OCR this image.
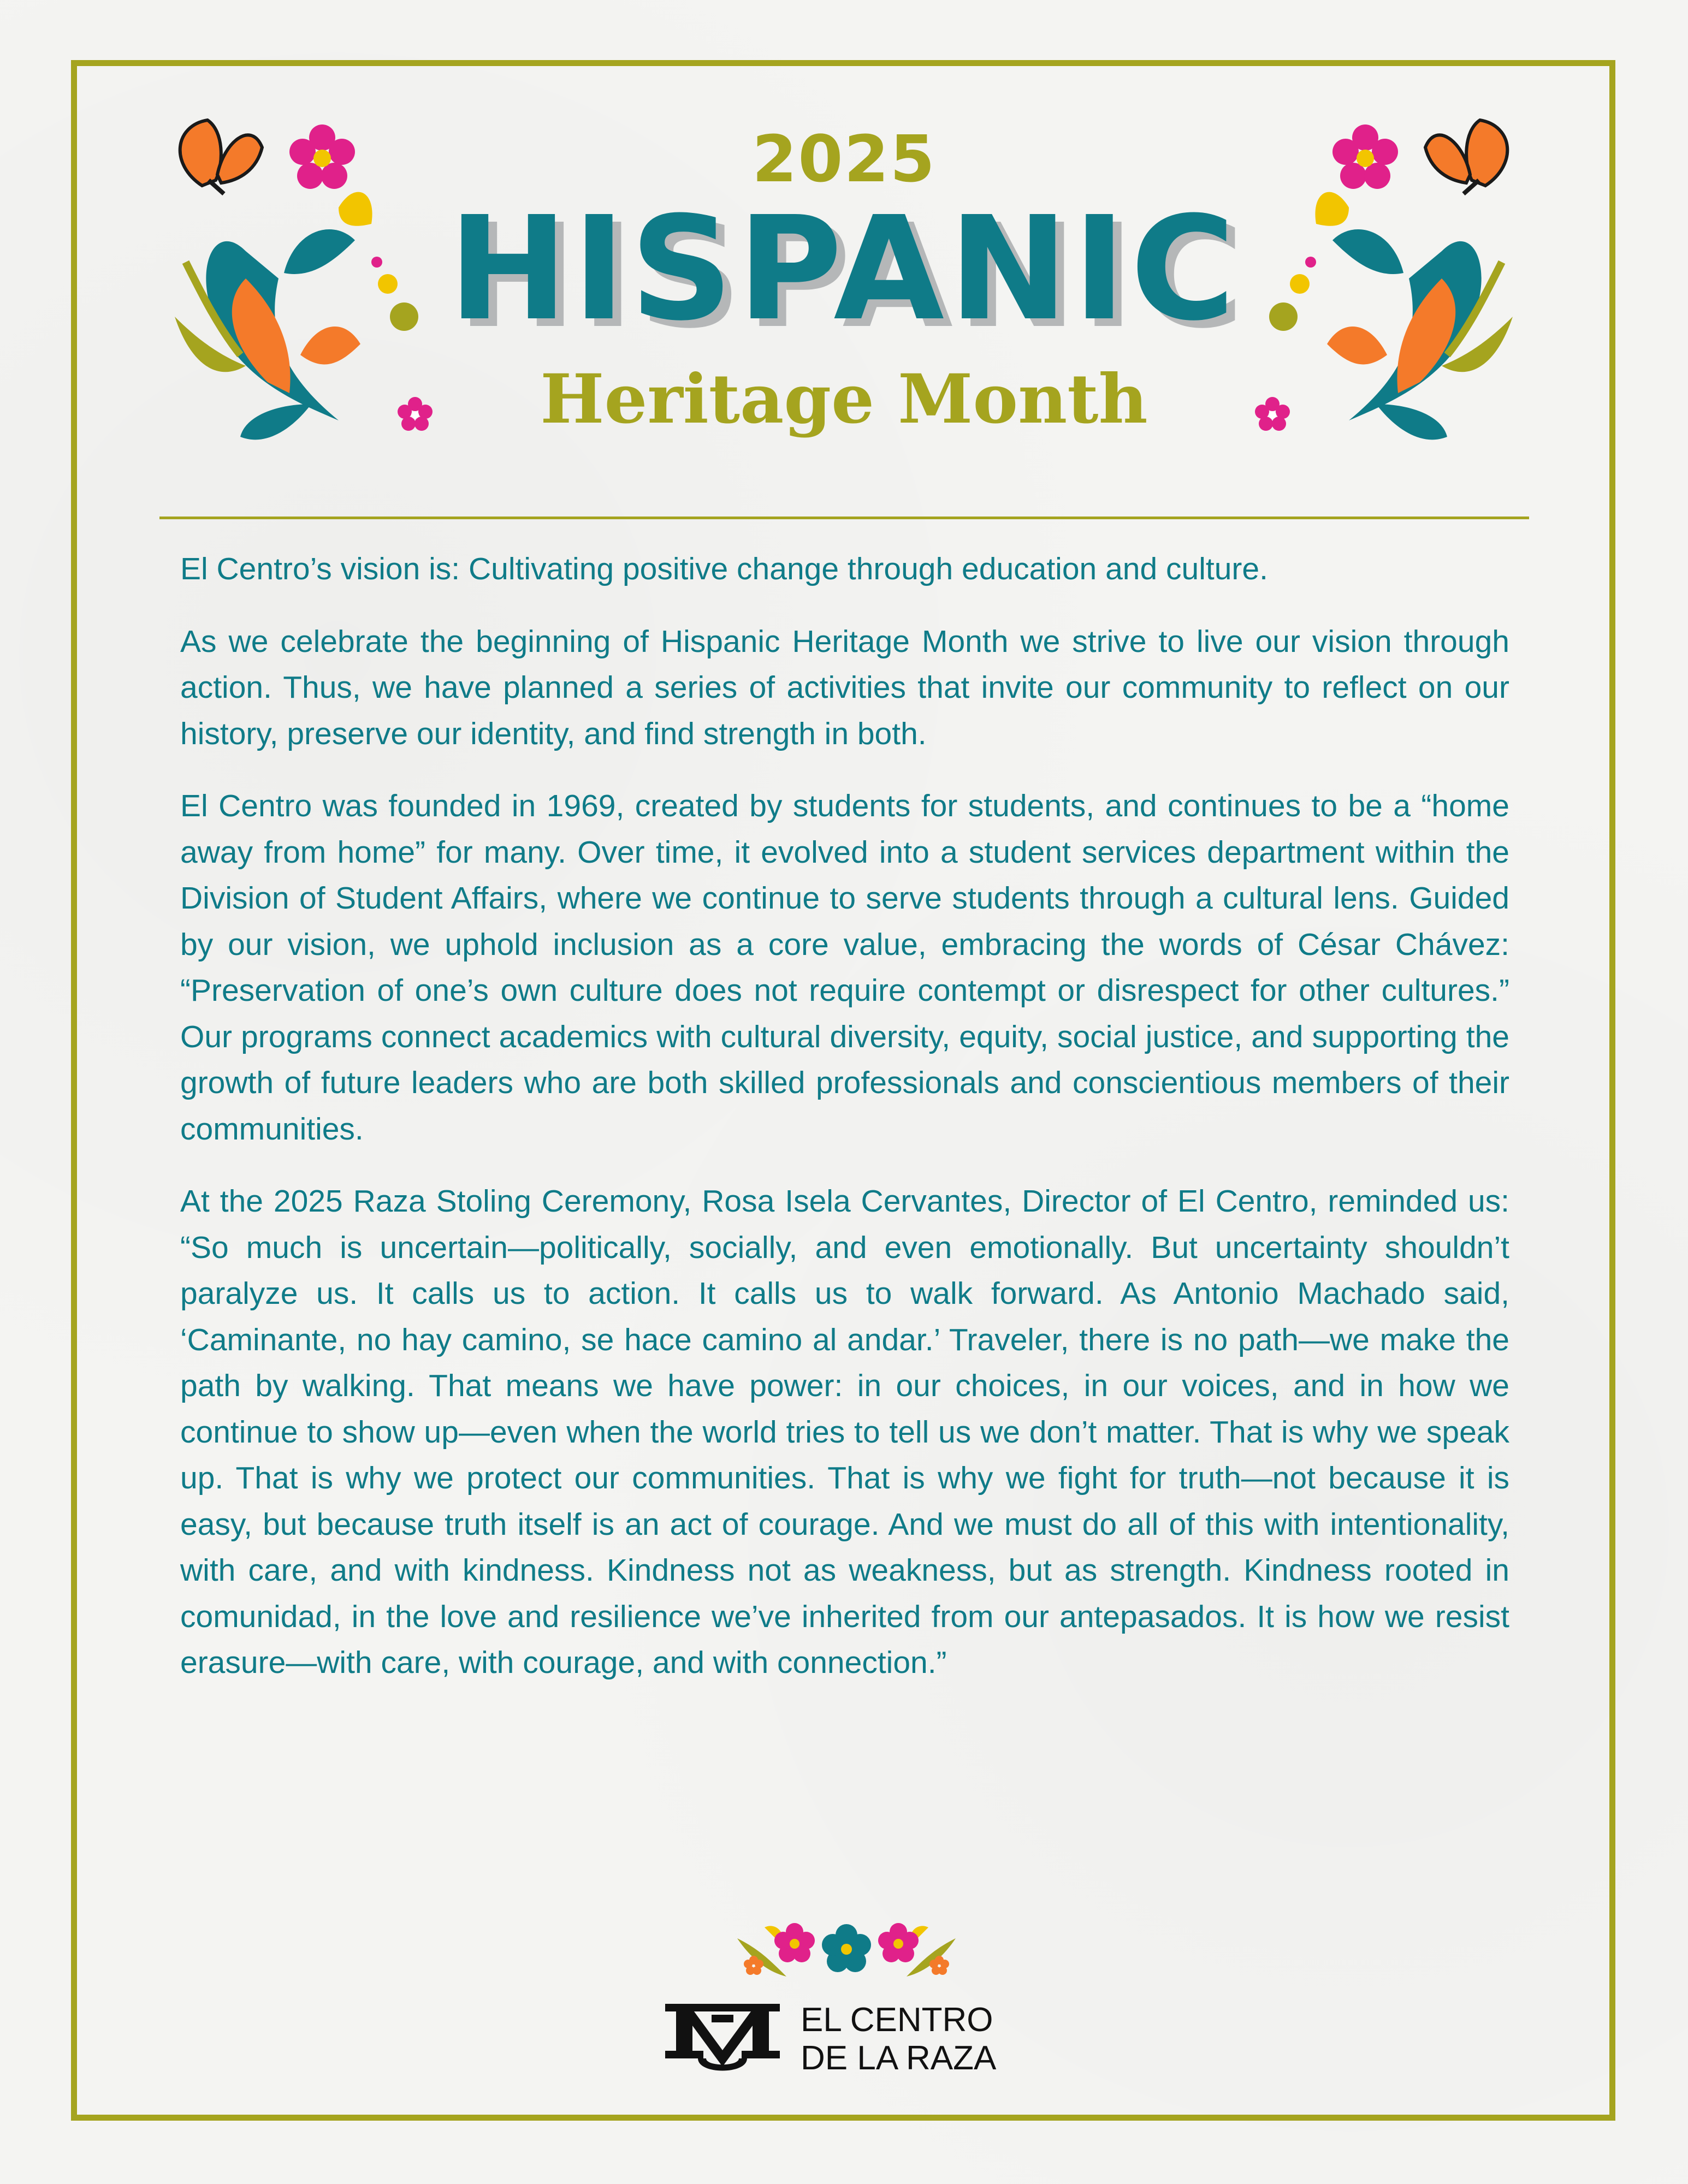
2025
HISPANIC
Heritage Month

El Centro’s vision is: Cultivating positive change through education and culture.

As we celebrate the beginning of Hispanic Heritage Month we strive to live our vision through action. Thus, we have planned a series of activities that invite our community to reflect on our history, preserve our identity, and find strength in both.

El Centro was founded in 1969, created by students for students, and continues to be a “home away from home” for many. Over time, it evolved into a student services department within the Division of Student Affairs, where we continue to serve students through a cultural lens. Guided by our vision, we uphold inclusion as a core value, embracing the words of César Chávez: “Preservation of one’s own culture does not require contempt or disrespect for other cultures.” Our programs connect academics with cultural diversity, equity, social justice, and supporting the growth of future leaders who are both skilled professionals and conscientious members of their communities.

At the 2025 Raza Stoling Ceremony, Rosa Isela Cervantes, Director of El Centro, reminded us: “So much is uncertain—politically, socially, and even emotionally. But uncertainty shouldn’t paralyze us. It calls us to action. It calls us to walk forward. As Antonio Machado said, ‘Caminante, no hay camino, se hace camino al andar.’ Traveler, there is no path—we make the path by walking. That means we have power: in our choices, in our voices, and in how we continue to show up—even when the world tries to tell us we don’t matter. That is why we speak up. That is why we protect our communities. That is why we fight for truth—not because it is easy, but because truth itself is an act of courage. And we must do all of this with intentionality, with care, and with kindness. Kindness not as weakness, but as strength. Kindness rooted in comunidad, in the love and resilience we’ve inherited from our antepasados. It is how we resist erasure—with care, with courage, and with connection.”

EL CENTRO
DE LA RAZA
